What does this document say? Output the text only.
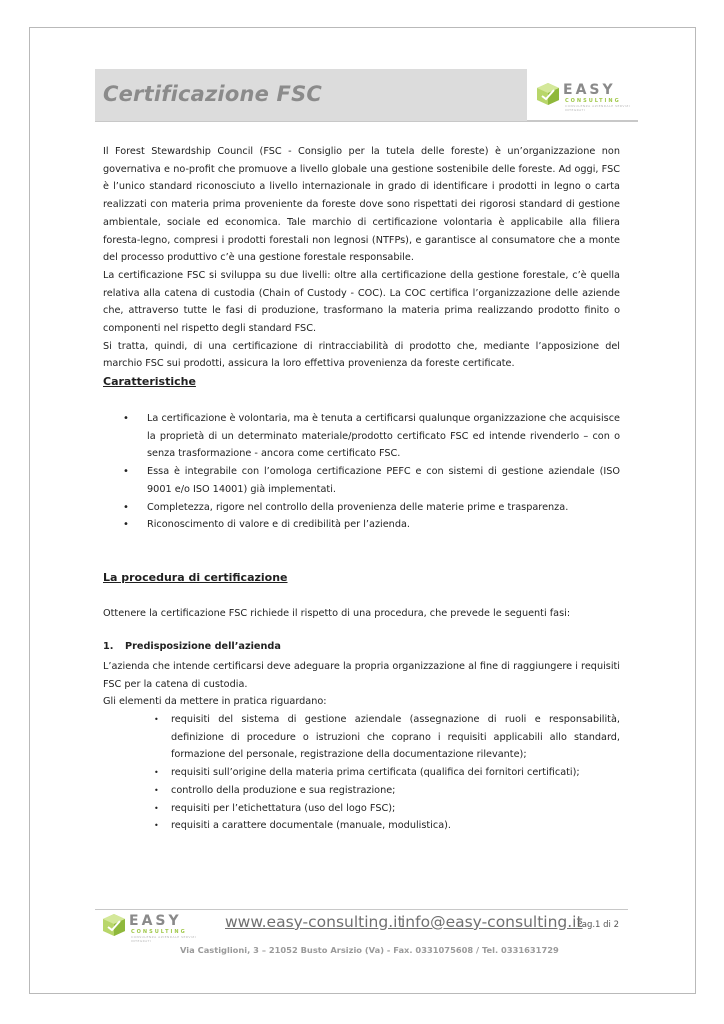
Certificazione FSC	EASY
CONSULTING
CONSULENZA AZIENDALE SERVIZI INTEGRATI

Il Forest Stewardship Council (FSC - Consiglio per la tutela delle foreste) è un’organizzazione non governativa e no-profit che promuove a livello globale una gestione sostenibile delle foreste. Ad oggi, FSC è l’unico standard riconosciuto a livello internazionale in grado di identificare i prodotti in legno o carta realizzati con materia prima proveniente da foreste dove sono rispettati dei rigorosi standard di gestione ambientale, sociale ed economica. Tale marchio di certificazione volontaria è applicabile alla filiera foresta-legno, compresi i prodotti forestali non legnosi (NTFPs), e garantisce al consumatore che a monte del processo produttivo c’è una gestione forestale responsabile.

La certificazione FSC si sviluppa su due livelli: oltre alla certificazione della gestione forestale, c’è quella relativa alla catena di custodia (Chain of Custody - COC). La COC certifica l’organizzazione delle aziende che, attraverso tutte le fasi di produzione, trasformano la materia prima realizzando prodotto finito o componenti nel rispetto degli standard FSC.

Si tratta, quindi, di una certificazione di rintracciabilità di prodotto che, mediante l’apposizione del marchio FSC sui prodotti, assicura la loro effettiva provenienza da foreste certificate.

Caratteristiche
• La certificazione è volontaria, ma è tenuta a certificarsi qualunque organizzazione che acquisisce la proprietà di un determinato materiale/prodotto certificato FSC ed intende rivenderlo – con o senza trasformazione - ancora come certificato FSC.
• Essa è integrabile con l’omologa certificazione PEFC e con sistemi di gestione aziendale (ISO 9001 e/o ISO 14001) già implementati.
• Completezza, rigore nel controllo della provenienza delle materie prime e trasparenza.
• Riconoscimento di valore e di credibilità per l’azienda.
La procedura di certificazione
Ottenere la certificazione FSC richiede il rispetto di una procedura, che prevede le seguenti fasi:
1. Predisposizione dell’azienda

L’azienda che intende certificarsi deve adeguare la propria organizzazione al fine di raggiungere i requisiti FSC per la catena di custodia.

Gli elementi da mettere in pratica riguardano:

• requisiti del sistema di gestione aziendale (assegnazione di ruoli e responsabilità, definizione di procedure o istruzioni che coprano i requisiti applicabili allo standard, formazione del personale, registrazione della documentazione rilevante);
• requisiti sull’origine della materia prima certificata (qualifica dei fornitori certificati);
• controllo della produzione e sua registrazione;
• requisiti per l’etichettatura (uso del logo FSC);
• requisiti a carattere documentale (manuale, modulistica).
EASY
CONSULTING
CONSULENZA AZIENDALE SERVIZI INTEGRATI
www.easy-consulting.it
info@easy-consulting.it
Pag.1 di 2
Via Castiglioni, 3 – 21052 Busto Arsizio (Va) - Fax. 0331075608 / Tel. 0331631729
